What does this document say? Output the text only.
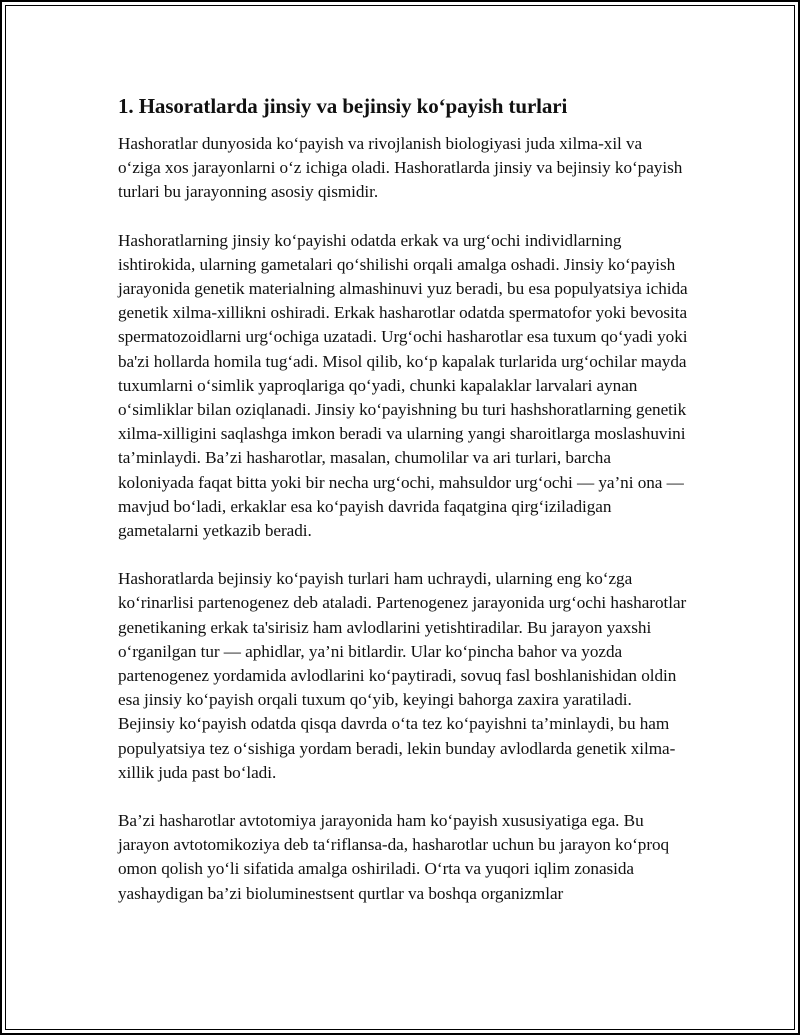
1. Hasoratlarda jinsiy va bejinsiy ko‘payish turlari

Hashoratlar dunyosida ko‘payish va rivojlanish biologiyasi juda xilma-xil va o‘ziga xos jarayonlarni o‘z ichiga oladi. Hashoratlarda jinsiy va bejinsiy ko‘payish turlari bu jarayonning asosiy qismidir.

Hashoratlarning jinsiy ko‘payishi odatda erkak va urg‘ochi individlarning ishtirokida, ularning gametalari qo‘shilishi orqali amalga oshadi. Jinsiy ko‘payish jarayonida genetik materialning almashinuvi yuz beradi, bu esa populyatsiya ichida genetik xilma-xillikni oshiradi. Erkak hasharotlar odatda spermatofor yoki bevosita spermatozoidlarni urg‘ochiga uzatadi. Urg‘ochi hasharotlar esa tuxum qo‘yadi yoki ba'zi hollarda homila tug‘adi. Misol qilib, ko‘p kapalak turlarida urg‘ochilar mayda tuxumlarni o‘simlik yaproqlariga qo‘yadi, chunki kapalaklar larvalari aynan o‘simliklar bilan oziqlanadi. Jinsiy ko‘payishning bu turi hashshoratlarning genetik xilma-xilligini saqlashga imkon beradi va ularning yangi sharoitlarga moslashuvini ta’minlaydi. Ba’zi hasharotlar, masalan, chumolilar va ari turlari, barcha koloniyada faqat bitta yoki bir necha urg‘ochi, mahsuldor urg‘ochi — ya’ni ona — mavjud bo‘ladi, erkaklar esa ko‘payish davrida faqatgina qirg‘iziladigan gametalarni yetkazib beradi.

Hashoratlarda bejinsiy ko‘payish turlari ham uchraydi, ularning eng ko‘zga ko‘rinarlisi partenogenez deb ataladi. Partenogenez jarayonida urg‘ochi hasharotlar genetikaning erkak ta'sirisiz ham avlodlarini yetishtiradilar. Bu jarayon yaxshi o‘rganilgan tur — aphidlar, ya’ni bitlardir. Ular ko‘pincha bahor va yozda partenogenez yordamida avlodlarini ko‘paytiradi, sovuq fasl boshlanishidan oldin esa jinsiy ko‘payish orqali tuxum qo‘yib, keyingi bahorga zaxira yaratiladi. Bejinsiy ko‘payish odatda qisqa davrda o‘ta tez ko‘payishni ta’minlaydi, bu ham populyatsiya tez o‘sishiga yordam beradi, lekin bunday avlodlarda genetik xilma-xillik juda past bo‘ladi.

Ba’zi hasharotlar avtotomiya jarayonida ham ko‘payish xususiyatiga ega. Bu jarayon avtotomikoziya deb ta‘riflansa-da, hasharotlar uchun bu jarayon ko‘proq omon qolish yo‘li sifatida amalga oshiriladi. O‘rta va yuqori iqlim zonasida yashaydigan ba’zi bioluminestsent qurtlar va boshqa organizmlar
